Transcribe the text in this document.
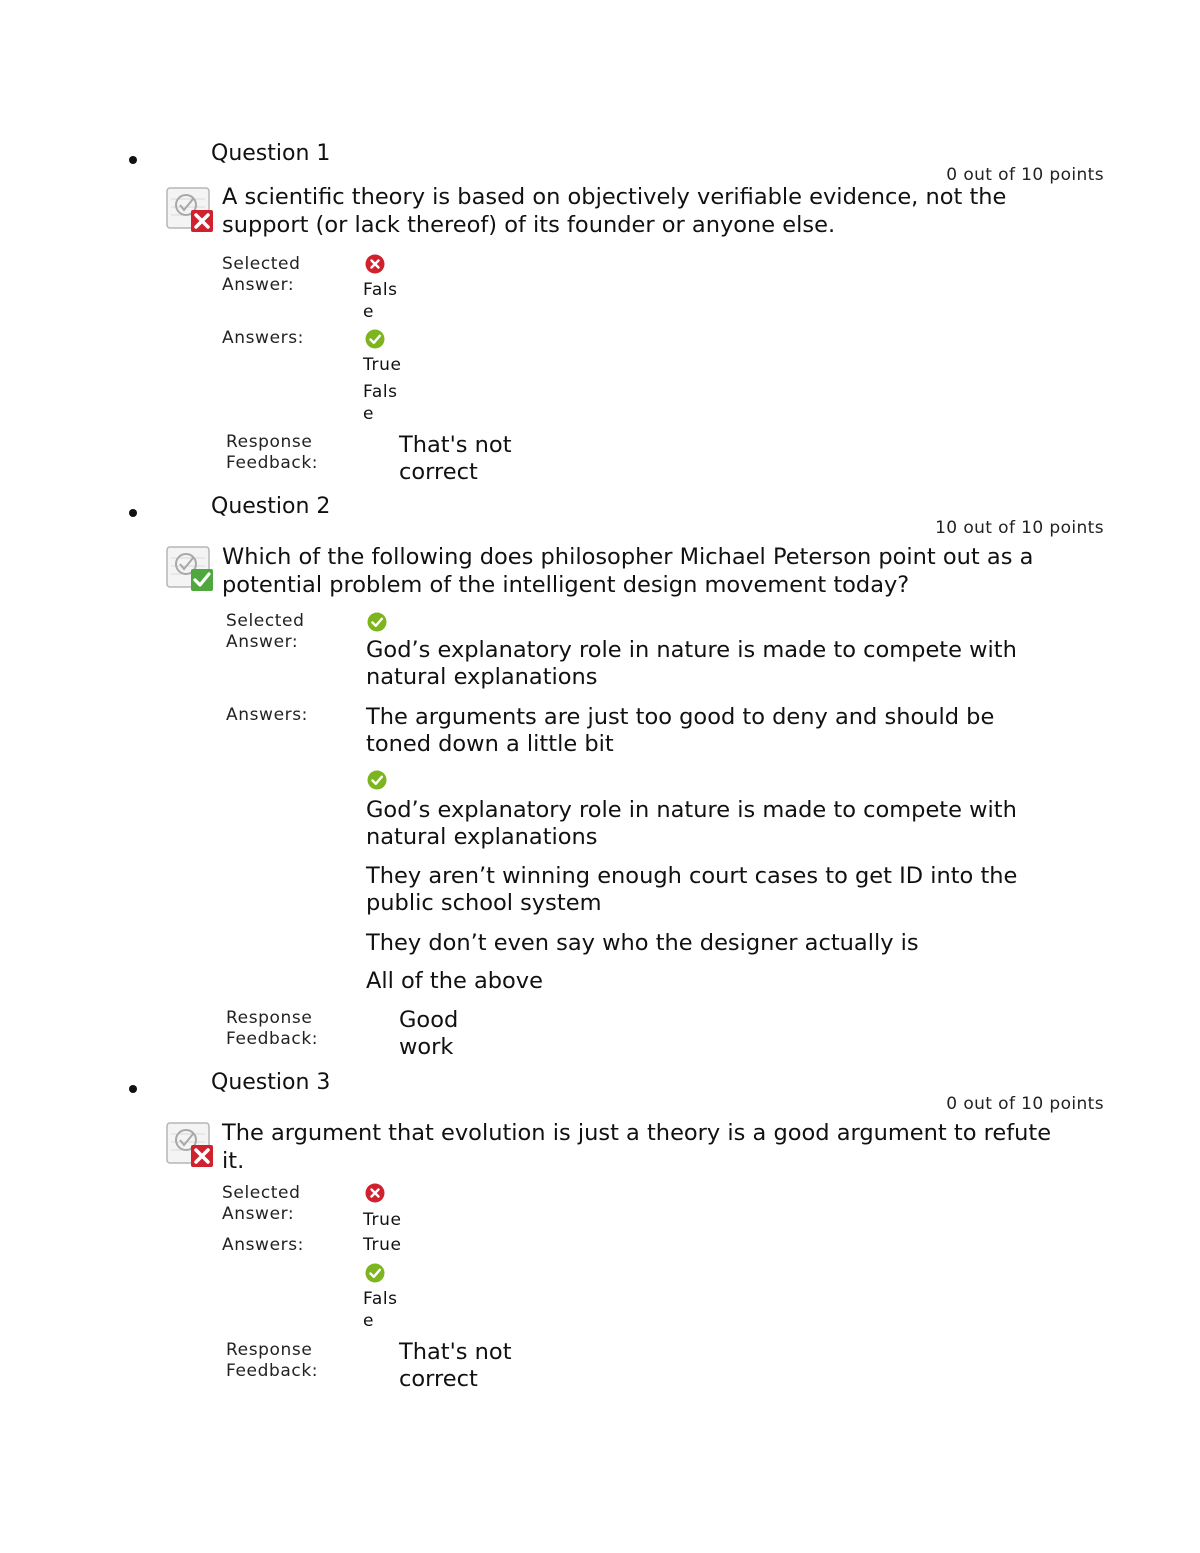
Question 1
0 out of 10 points
A scientific theory is based on objectively verifiable evidence, not the support (or lack thereof) of its founder or anyone else.
Selected Answer:	False
Answers:
True
False
Response Feedback:
That's not correct
Question 2
10 out of 10 points
Which of the following does philosopher Michael Peterson point out as a potential problem of the intelligent design movement today?
Selected Answer:	God’s explanatory role in nature is made to compete with natural explanations
Answers:	The arguments are just too good to deny and should be toned down a little bit
God’s explanatory role in nature is made to compete with natural explanations
They aren’t winning enough court cases to get ID into the public school system
They don’t even say who the designer actually is
All of the above
Response Feedback:
Good work
Question 3
0 out of 10 points
The argument that evolution is just a theory is a good argument to refute it.
Selected Answer:	True
Answers:	True
False
Response Feedback:
That's not correct
